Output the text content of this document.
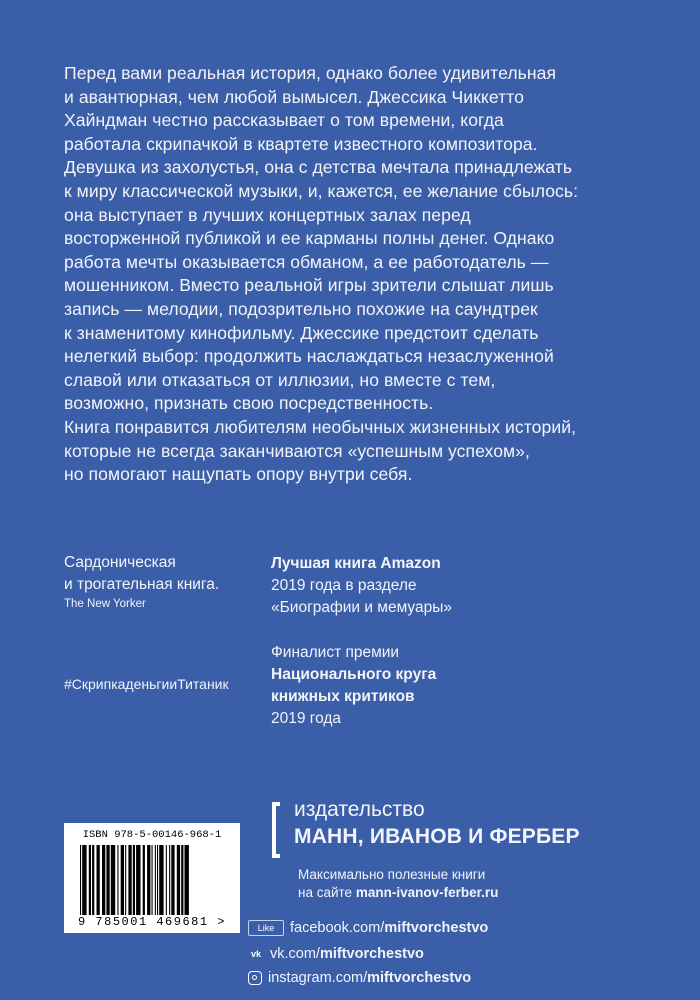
Перед вами реальная история, однако более удивительная
и авантюрная, чем любой вымысел. Джессика Чиккетто
Хайндман честно рассказывает о том времени, когда
работала скрипачкой в квартете известного композитора.
Девушка из захолустья, она с детства мечтала принадлежать
к миру классической музыки, и, кажется, ее желание сбылось:
она выступает в лучших концертных залах перед
восторженной публикой и ее карманы полны денег. Однако
работа мечты оказывается обманом, а ее работодатель —
мошенником. Вместо реальной игры зрители слышат лишь
запись — мелодии, подозрительно похожие на саундтрек
к знаменитому кинофильму. Джессике предстоит сделать
нелегкий выбор: продолжить наслаждаться незаслуженной
славой или отказаться от иллюзии, но вместе с тем,
возможно, признать свою посредственность.
Книга понравится любителям необычных жизненных историй,
которые не всегда заканчиваются «успешным успехом»,
но помогают нащупать опору внутри себя.
Сардоническая
и трогательная книга.
The New Yorker
#СкрипкаденьгииТитаник
Лучшая книга Amazon
2019 года в разделе
«Биографии и мемуары»
Финалист премии
Национального круга
книжных критиков
2019 года
ISBN 978-5-00146-968-1
9 785001 469681 >
издательство
МАНН, ИВАНОВ И ФЕРБЕР
Максимально полезные книги
на сайте mann-ivanov-ferber.ru
Like facebook.com/miftvorchestvo
vk vk.com/miftvorchestvo
instagram.com/miftvorchestvo
